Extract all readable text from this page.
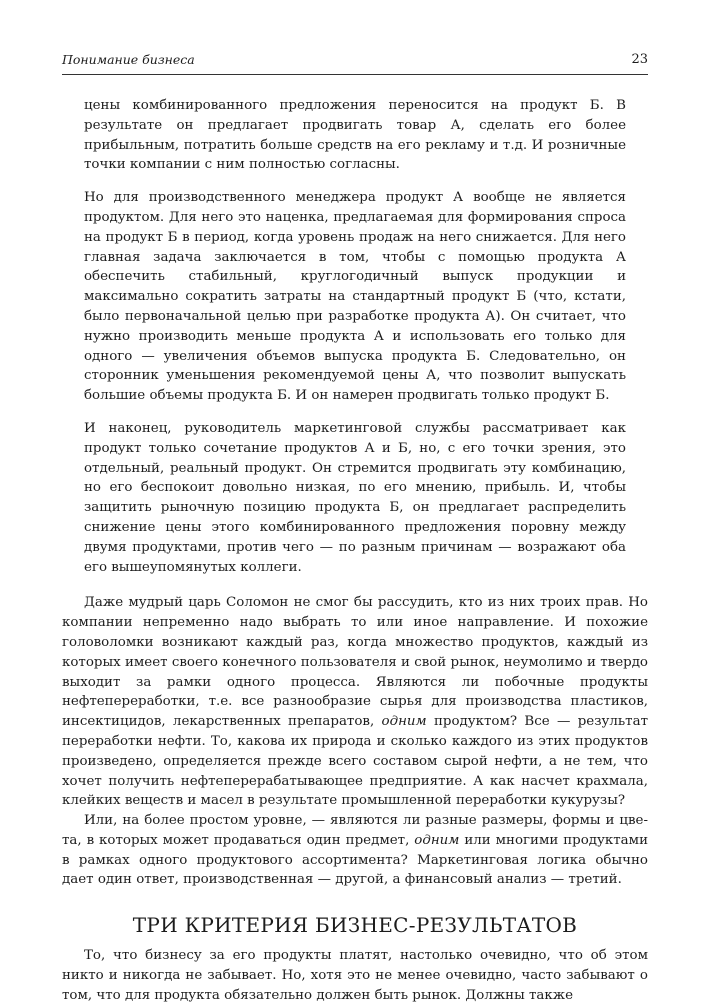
Понимание бизнеса	23

цены комбинированного предложения переносится на продукт Б. В результате он предлагает продвигать товар А, сделать его более прибыльным, потратить больше средств на его рекламу и т.д. И розничные точки компании с ним полностью согласны.

Но для производственного менеджера продукт А вообще не является продуктом. Для него это наценка, предлагаемая для формирования спроса на продукт Б в период, когда уровень продаж на него снижается. Для него главная задача заключается в том, чтобы с помощью продукта А обеспечить стабильный, круглогодичный выпуск продукции и максимально сократить затраты на стандартный продукт Б (что, кстати, было первоначальной целью при разработке продукта А). Он считает, что нужно производить меньше продукта А и использовать его только для одного — увеличения объемов выпуска продукта Б. Следовательно, он сторонник уменьшения рекомендуемой цены А, что позволит выпускать большие объемы продукта Б. И он намерен продвигать только продукт Б.

И наконец, руководитель маркетинговой службы рассматривает как продукт только сочетание продуктов А и Б, но, с его точки зрения, это отдельный, реальный продукт. Он стремится продвигать эту комбинацию, но его беспокоит довольно низкая, по его мнению, прибыль. И, чтобы защитить рыночную позицию продукта Б, он предлагает распределить снижение цены этого комбинированного предложения поровну между двумя продуктами, против чего — по разным причинам — возражают оба его вышеупомянутых коллеги.

Даже мудрый царь Соломон не смог бы рассудить, кто из них троих прав. Но компании непременно надо выбрать то или иное направление. И похожие головоломки возникают каждый раз, когда множество продуктов, каждый из которых имеет своего конечного пользователя и свой рынок, неумолимо и твердо выходит за рамки одного процесса. Являются ли побочные продукты нефтепереработки, т.е. все разнообразие сырья для производства пластиков, инсектицидов, лекарственных препаратов, одним продуктом? Все — результат переработки нефти. То, какова их природа и сколько каждого из этих продуктов произведено, определяется прежде всего составом сырой нефти, а не тем, что хочет получить нефтеперерабатывающее предприятие. А как насчет крахмала, клейких веществ и масел в результате промышленной переработки кукурузы?

Или, на более простом уровне, — являются ли разные размеры, формы и цвета, в которых может продаваться один предмет, одним или многими продуктами в рамках одного продуктового ассортимента? Маркетинговая логика обычно дает один ответ, производственная — другой, а финансовый анализ — третий.

ТРИ КРИТЕРИЯ БИЗНЕС-РЕЗУЛЬТАТОВ

То, что бизнесу за его продукты платят, настолько очевидно, что об этом никто и никогда не забывает. Но, хотя это не менее очевидно, часто забывают о том, что для продукта обязательно должен быть рынок. Должны также
